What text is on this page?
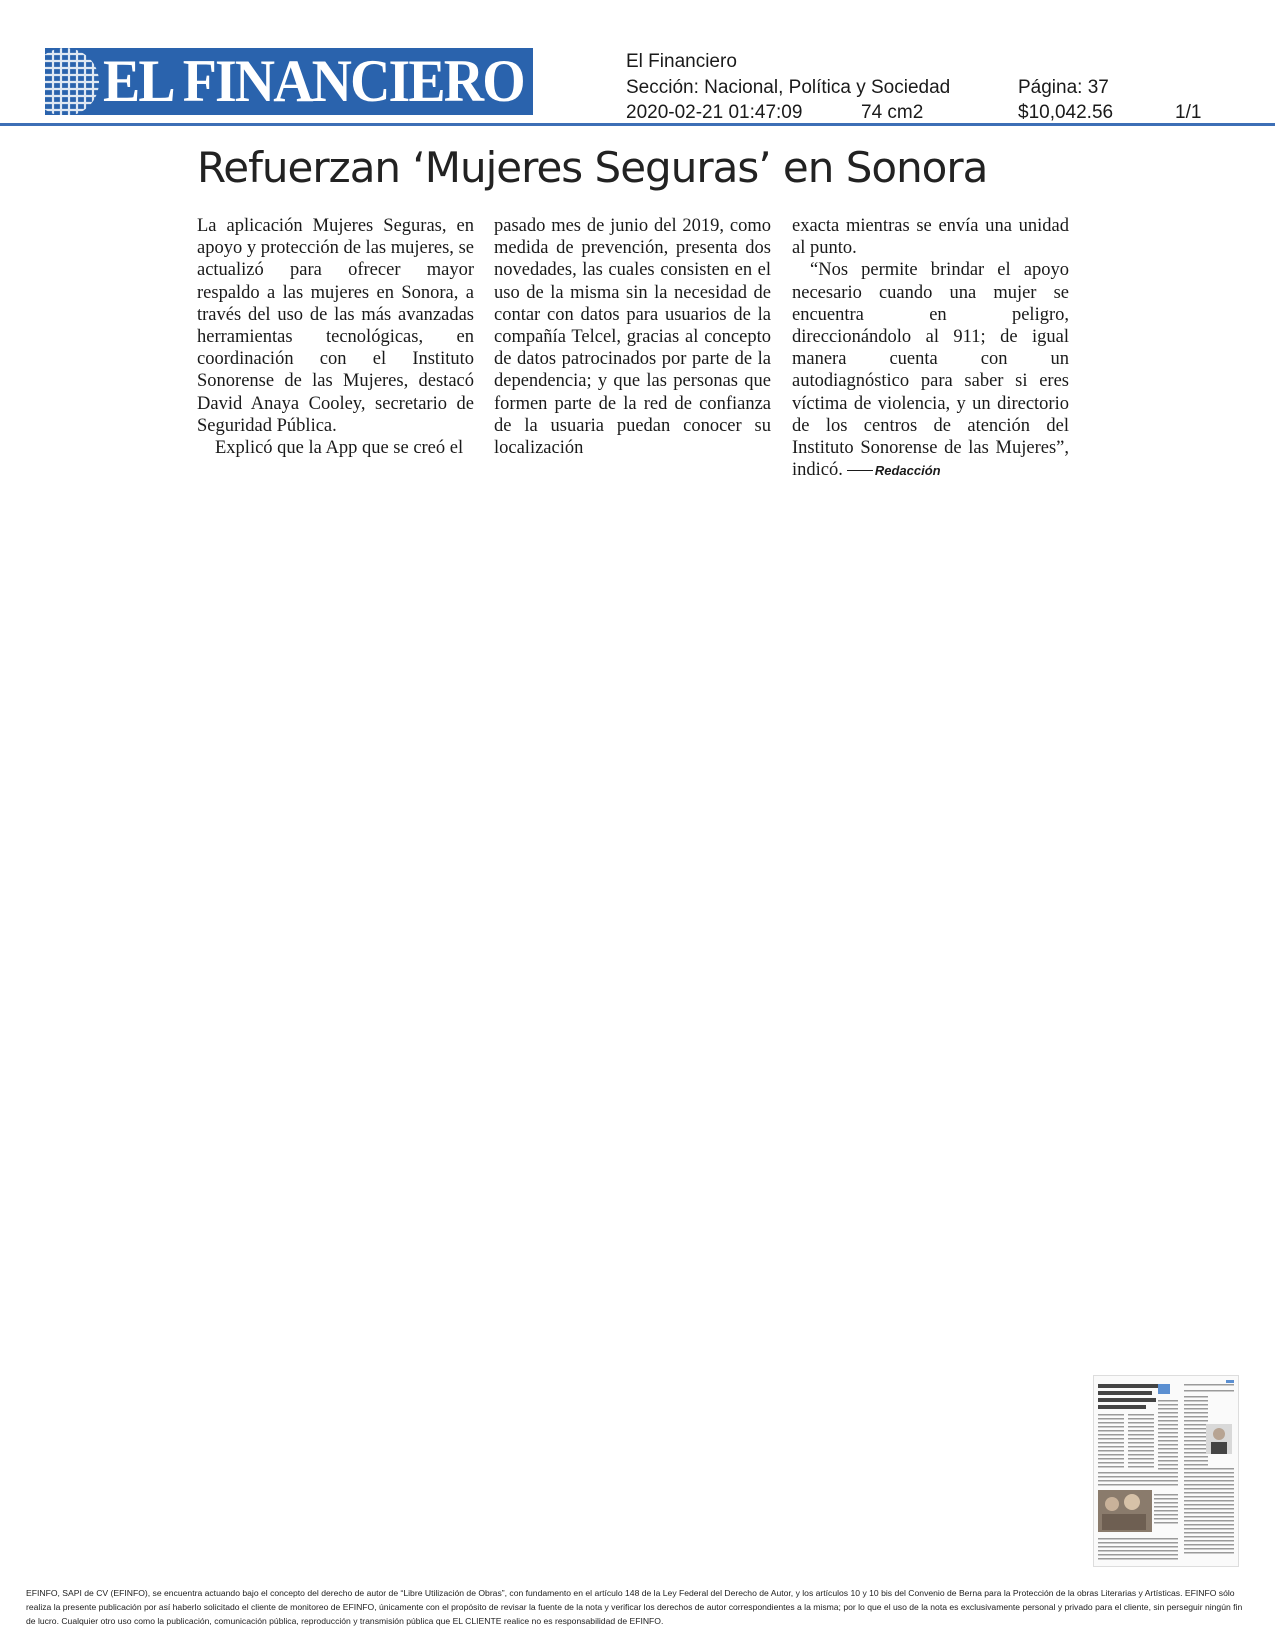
EL FINANCIERO	El Financiero
Sección: Nacional, Política y Sociedad	Página: 37
2020-02-21 01:47:09	74 cm2	$10,042.56	1/1
Refuerzan ‘Mujeres Seguras’ en Sonora

La aplicación Mujeres Seguras, en apoyo y protección de las mujeres, se actualizó para ofrecer mayor respaldo a las mujeres en Sonora, a través del uso de las más avanzadas herramientas tecnológicas, en coordinación con el Instituto Sonorense de las Mujeres, destacó David Anaya Cooley, secretario de Seguridad Pública.

Explicó que la App que se creó el

pasado mes de junio del 2019, como medida de prevención, presenta dos novedades, las cuales consisten en el uso de la misma sin la necesidad de contar con datos para usuarios de la compañía Telcel, gracias al concepto de datos patrocinados por parte de la dependencia; y que las personas que formen parte de la red de confianza de la usuaria puedan conocer su localización

exacta mientras se envía una unidad al punto.

“Nos permite brindar el apoyo necesario cuando una mujer se encuentra en peligro, direccionándolo al 911; de igual manera cuenta con un autodiagnóstico para saber si eres víctima de violencia, y un directorio de los centros de atención del Instituto Sonorense de las Mujeres”, indicó. Redacción

EFINFO, SAPI de CV (EFINFO), se encuentra actuando bajo el concepto del derecho de autor de “Libre Utilización de Obras”, con fundamento en el artículo 148 de la Ley Federal del Derecho de Autor, y los artículos 10 y 10 bis del Convenio de Berna para la Protección de la obras Literarias y Artísticas. EFINFO sólo realiza la presente publicación por así haberlo solicitado el cliente de monitoreo de EFINFO, únicamente con el propósito de revisar la fuente de la nota y verificar los derechos de autor correspondientes a la misma; por lo que el uso de la nota es exclusivamente personal y privado para el cliente, sin perseguir ningún fin de lucro. Cualquier otro uso como la publicación, comunicación pública, reproducción y transmisión pública que EL CLIENTE realice no es responsabilidad de EFINFO.
